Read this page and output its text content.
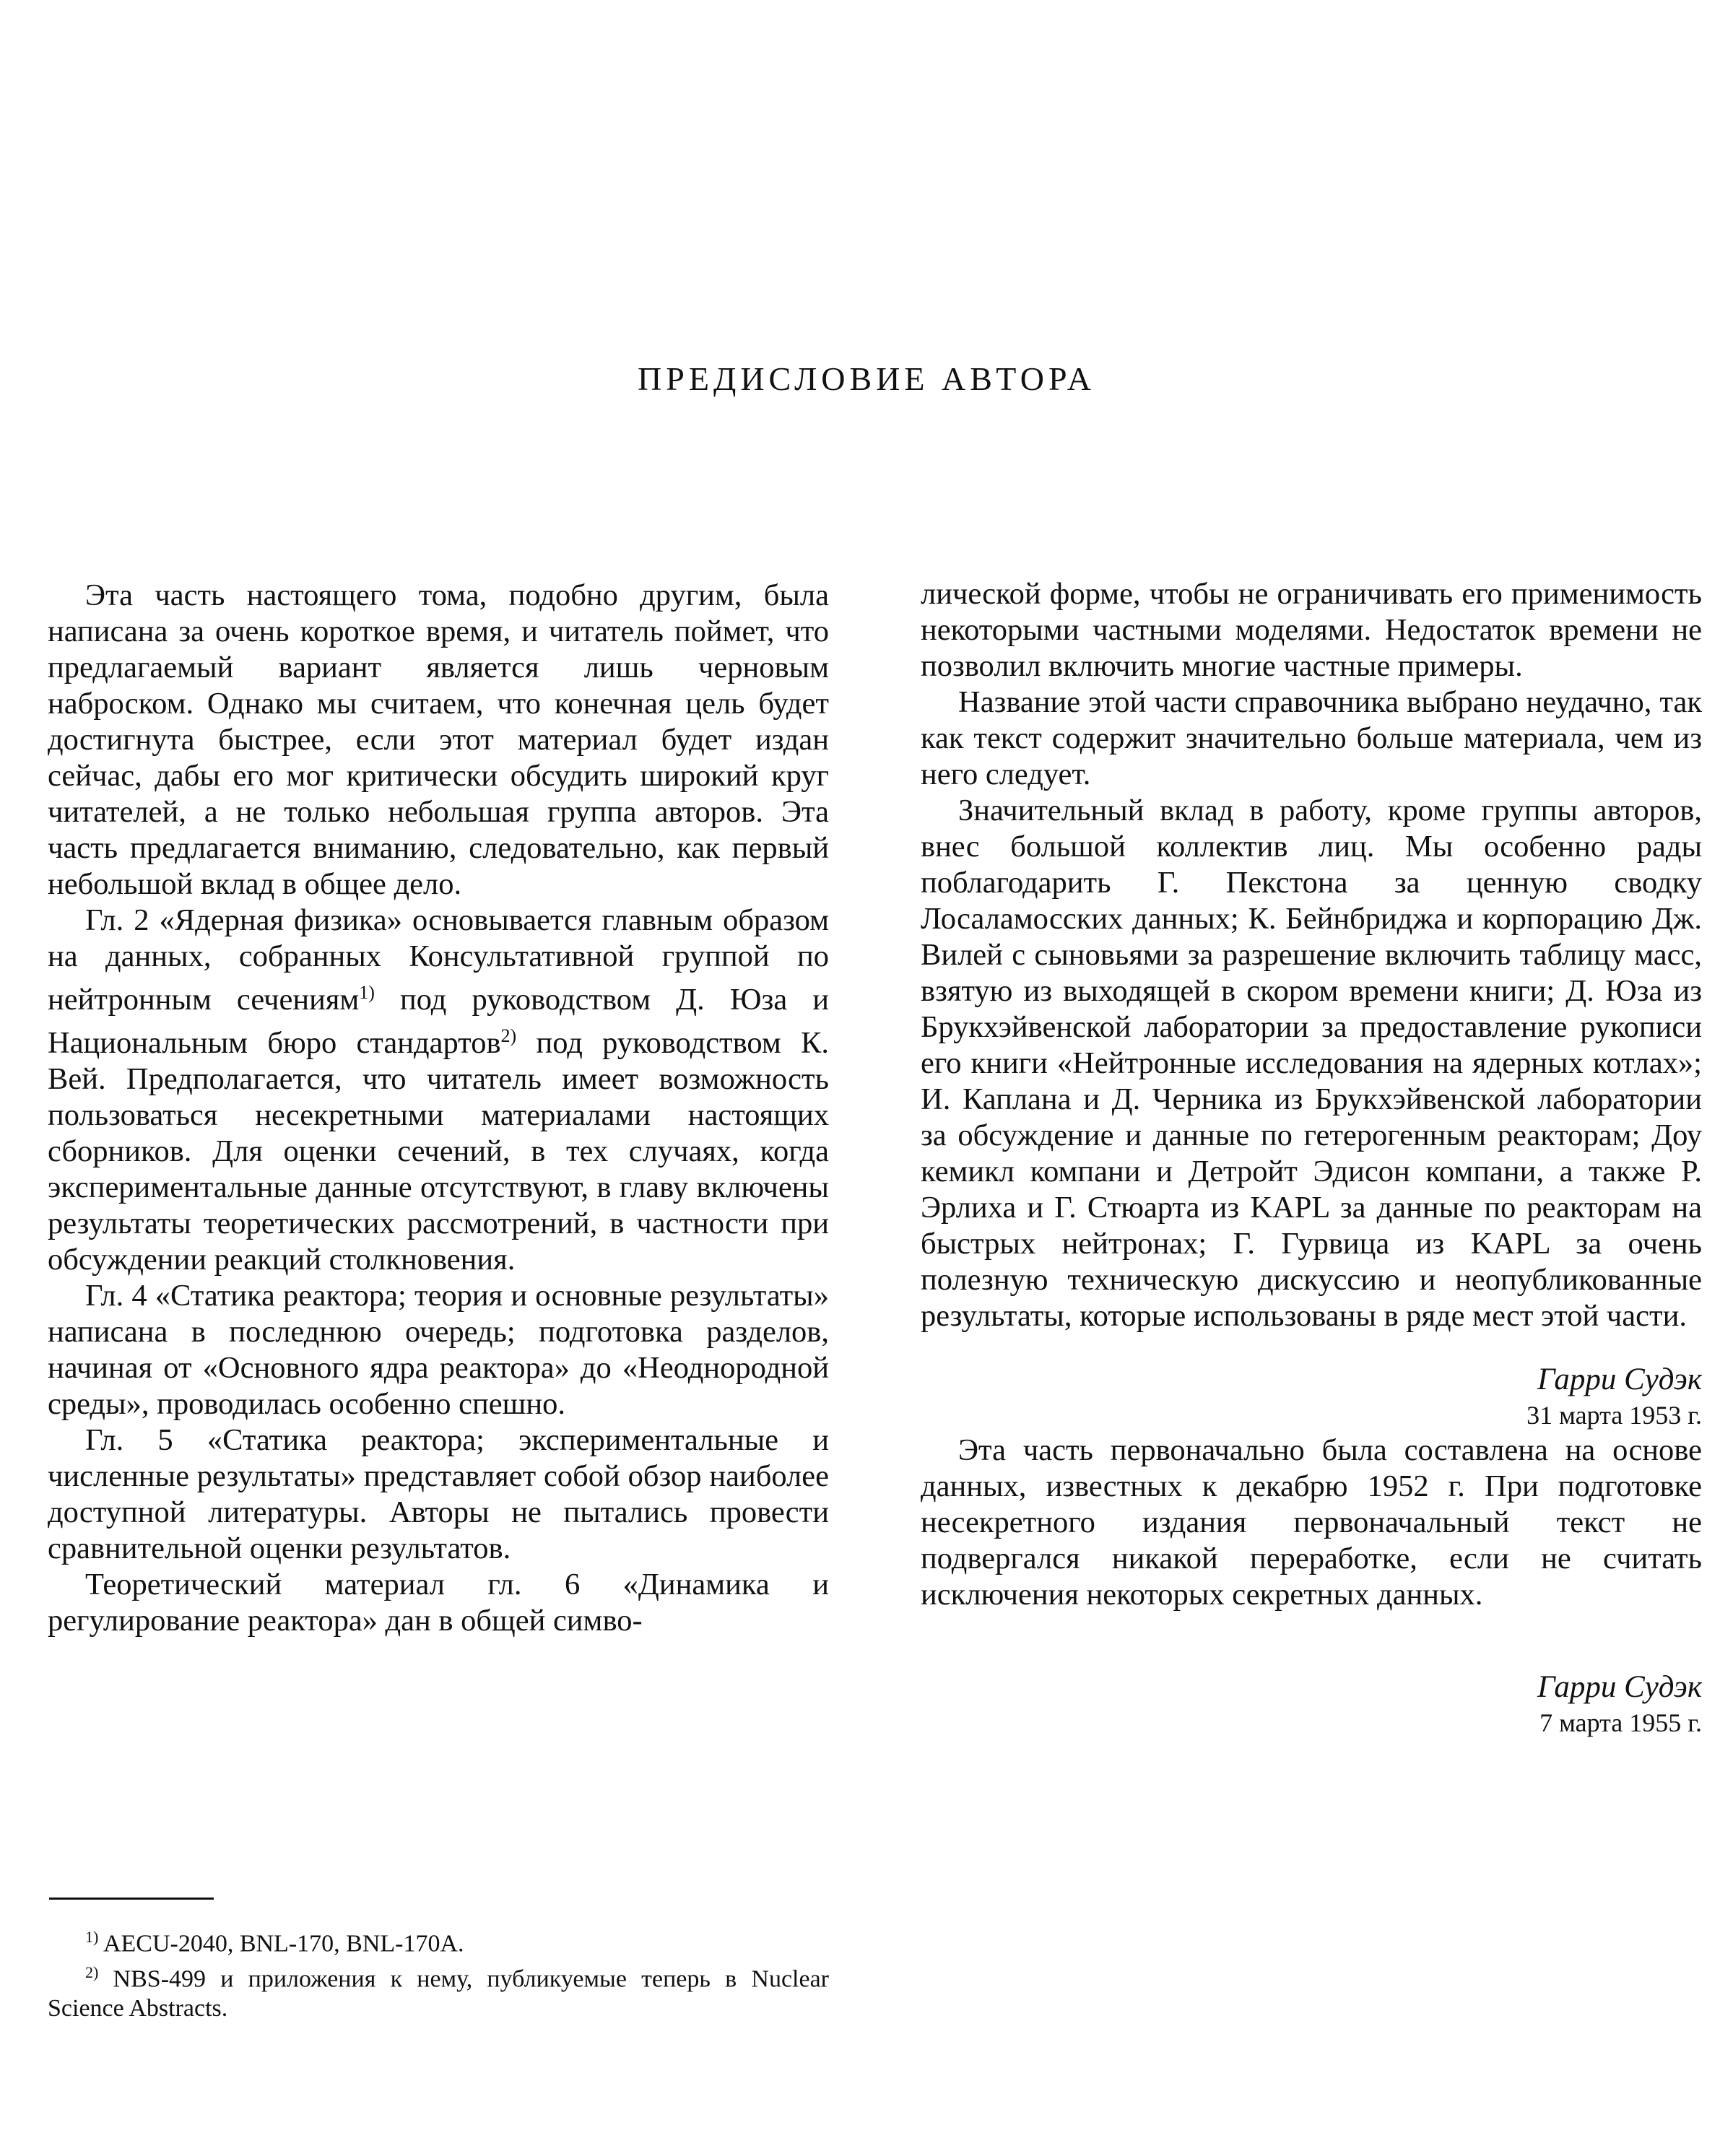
ПРЕДИСЛОВИЕ АВТОРА

Эта часть настоящего тома, подобно другим, была написана за очень короткое время, и читатель поймет, что предлагаемый вариант является лишь черновым наброском. Однако мы считаем, что конечная цель будет достигнута быстрее, если этот материал будет издан сейчас, дабы его мог критически обсудить широкий круг читателей, а не только небольшая группа авторов. Эта часть предлагается вниманию, следовательно, как первый небольшой вклад в общее дело.

Гл. 2 «Ядерная физика» основывается главным образом на данных, собранных Консультативной группой по нейтронным сечениям$^{1)}$ под руководством Д. Юза и Национальным бюро стандартов$^{2)}$ под руководством К. Вей. Предполагается, что читатель имеет возможность пользоваться несекретными материалами настоящих сборников. Для оценки сечений, в тех случаях, когда экспериментальные данные отсутствуют, в главу включены результаты теоретических рассмотрений, в частности при обсуждении реакций столкновения.

Гл. 4 «Статика реактора; теория и основные результаты» написана в последнюю очередь; подготовка разделов, начиная от «Основного ядра реактора» до «Неоднородной среды», проводилась особенно спешно.

Гл. 5 «Статика реактора; экспериментальные и численные результаты» представляет собой обзор наиболее доступной литературы. Авторы не пытались провести сравнительной оценки результатов.

Теоретический материал гл. 6 «Динамика и регулирование реактора» дан в общей симво-

лической форме, чтобы не ограничивать его применимость некоторыми частными моделями. Недостаток времени не позволил включить многие частные примеры.

Название этой части справочника выбрано неудачно, так как текст содержит значительно больше материала, чем из него следует.

Значительный вклад в работу, кроме группы авторов, внес большой коллектив лиц. Мы особенно рады поблагодарить Г. Пекстона за ценную сводку Лосаламосских данных; К. Бейнбриджа и корпорацию Дж. Вилей с сыновьями за разрешение включить таблицу масс, взятую из выходящей в скором времени книги; Д. Юза из Брукхэйвенской лаборатории за предоставление рукописи его книги «Нейтронные исследования на ядерных котлах»; И. Каплана и Д. Черника из Брукхэйвенской лаборатории за обсуждение и данные по гетерогенным реакторам; Доу кемикл компани и Детройт Эдисон компани, а также Р. Эрлиха и Г. Стюарта из KAPL за данные по реакторам на быстрых нейтронах; Г. Гурвица из KAPL за очень полезную техническую дискуссию и неопубликованные результаты, которые использованы в ряде мест этой части.

Гарри Судэк
31 марта 1953 г.

Эта часть первоначально была составлена на основе данных, известных к декабрю 1952 г. При подготовке несекретного издания первоначальный текст не подвергался никакой переработке, если не считать исключения некоторых секретных данных.

Гарри Судэк
7 марта 1955 г.

$^{1)}$ AECU-2040, BNL-170, BNL-170A.

$^{2)}$ NBS-499 и приложения к нему, публикуемые теперь в Nuclear Science Abstracts.
